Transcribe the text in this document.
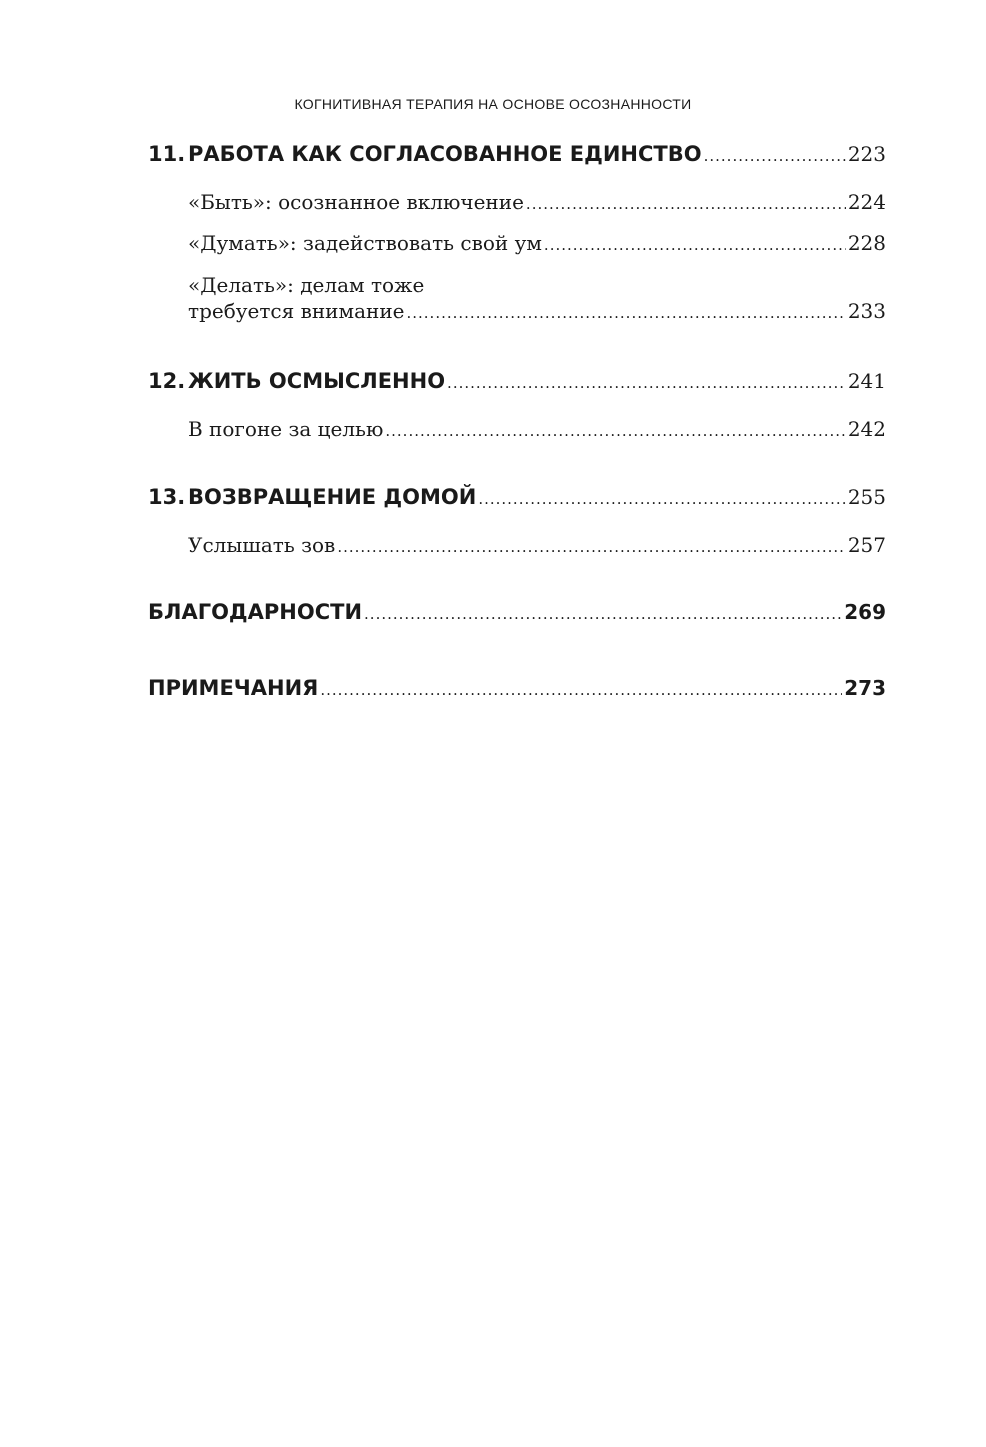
КОГНИТИВНАЯ ТЕРАПИЯ НА ОСНОВЕ ОСОЗНАННОСТИ
11. РАБОТА КАК СОГЛАСОВАННОЕ ЕДИНСТВО .....	223
«Быть»: осознанное включение .....	224
«Думать»: задействовать свой ум .....	228
«Делать»: делам тоже
требуется внимание .....	233
12. ЖИТЬ ОСМЫСЛЕННО .....	241
В погоне за целью .....	242
13. ВОЗВРАЩЕНИЕ ДОМОЙ .....	255
Услышать зов .....	257
БЛАГОДАРНОСТИ .....	269
ПРИМЕЧАНИЯ .....	273
